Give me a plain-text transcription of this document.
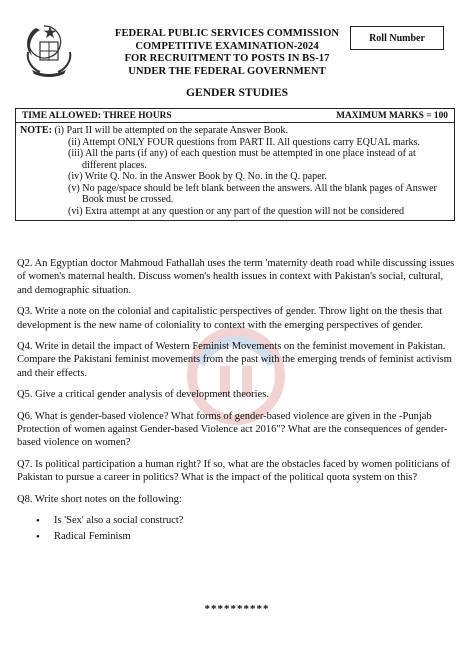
FEDERAL PUBLIC SERVICES COMMISSION
COMPETITIVE EXAMINATION-2024
FOR RECRUITMENT TO POSTS IN BS-17
UNDER THE FEDERAL GOVERNMENT
Roll Number
GENDER STUDIES
TIME ALLOWED: THREE HOURS	MAXIMUM MARKS = 100
NOTE: (i) Part II will be attempted on the separate Answer Book.
(ii) Attempt ONLY FOUR questions from PART II. All questions carry EQUAL marks.
(iii) All the parts (if any) of each question must be attempted in one place instead of at different places.
(iv) Write Q. No. in the Answer Book by Q. No. in the Q. paper.
(v) No page/space should be left blank between the answers. All the blank pages of Answer Book must be crossed.
(vi) Extra attempt at any question or any part of the question will not be considered

Q2. An Egyptian doctor Mahmoud Fathallah uses the term 'maternity death road while discussing issues of women's maternal health. Discuss women's health issues in context with Pakistan's social, cultural, and demographic situation.

Q3. Write a note on the colonial and capitalistic perspectives of gender. Throw light on the thesis that development is the new name of coloniality to context with the emerging perspectives of gender.

Q4. Write in detail the impact of Western Feminist Movements on the feminist movement in Pakistan. Compare the Pakistani feminist movements from the past with the emerging trends of feminist activism and their effects.

Q5. Give a critical gender analysis of development theories.

Q6. What is gender-based violence? What forms of gender-based violence are given in the -Punjab Protection of women against Gender-based Violence act 2016"? What are the consequences of gender-based violence on women?

Q7. Is political participation a human right? If so, what are the obstacles faced by women politicians of Pakistan to pursue a career in politics? What is the impact of the political quota system on this?

Q8. Write short notes on the following:

• Is 'Sex' also a social construct?
• Radical Feminism
**********
